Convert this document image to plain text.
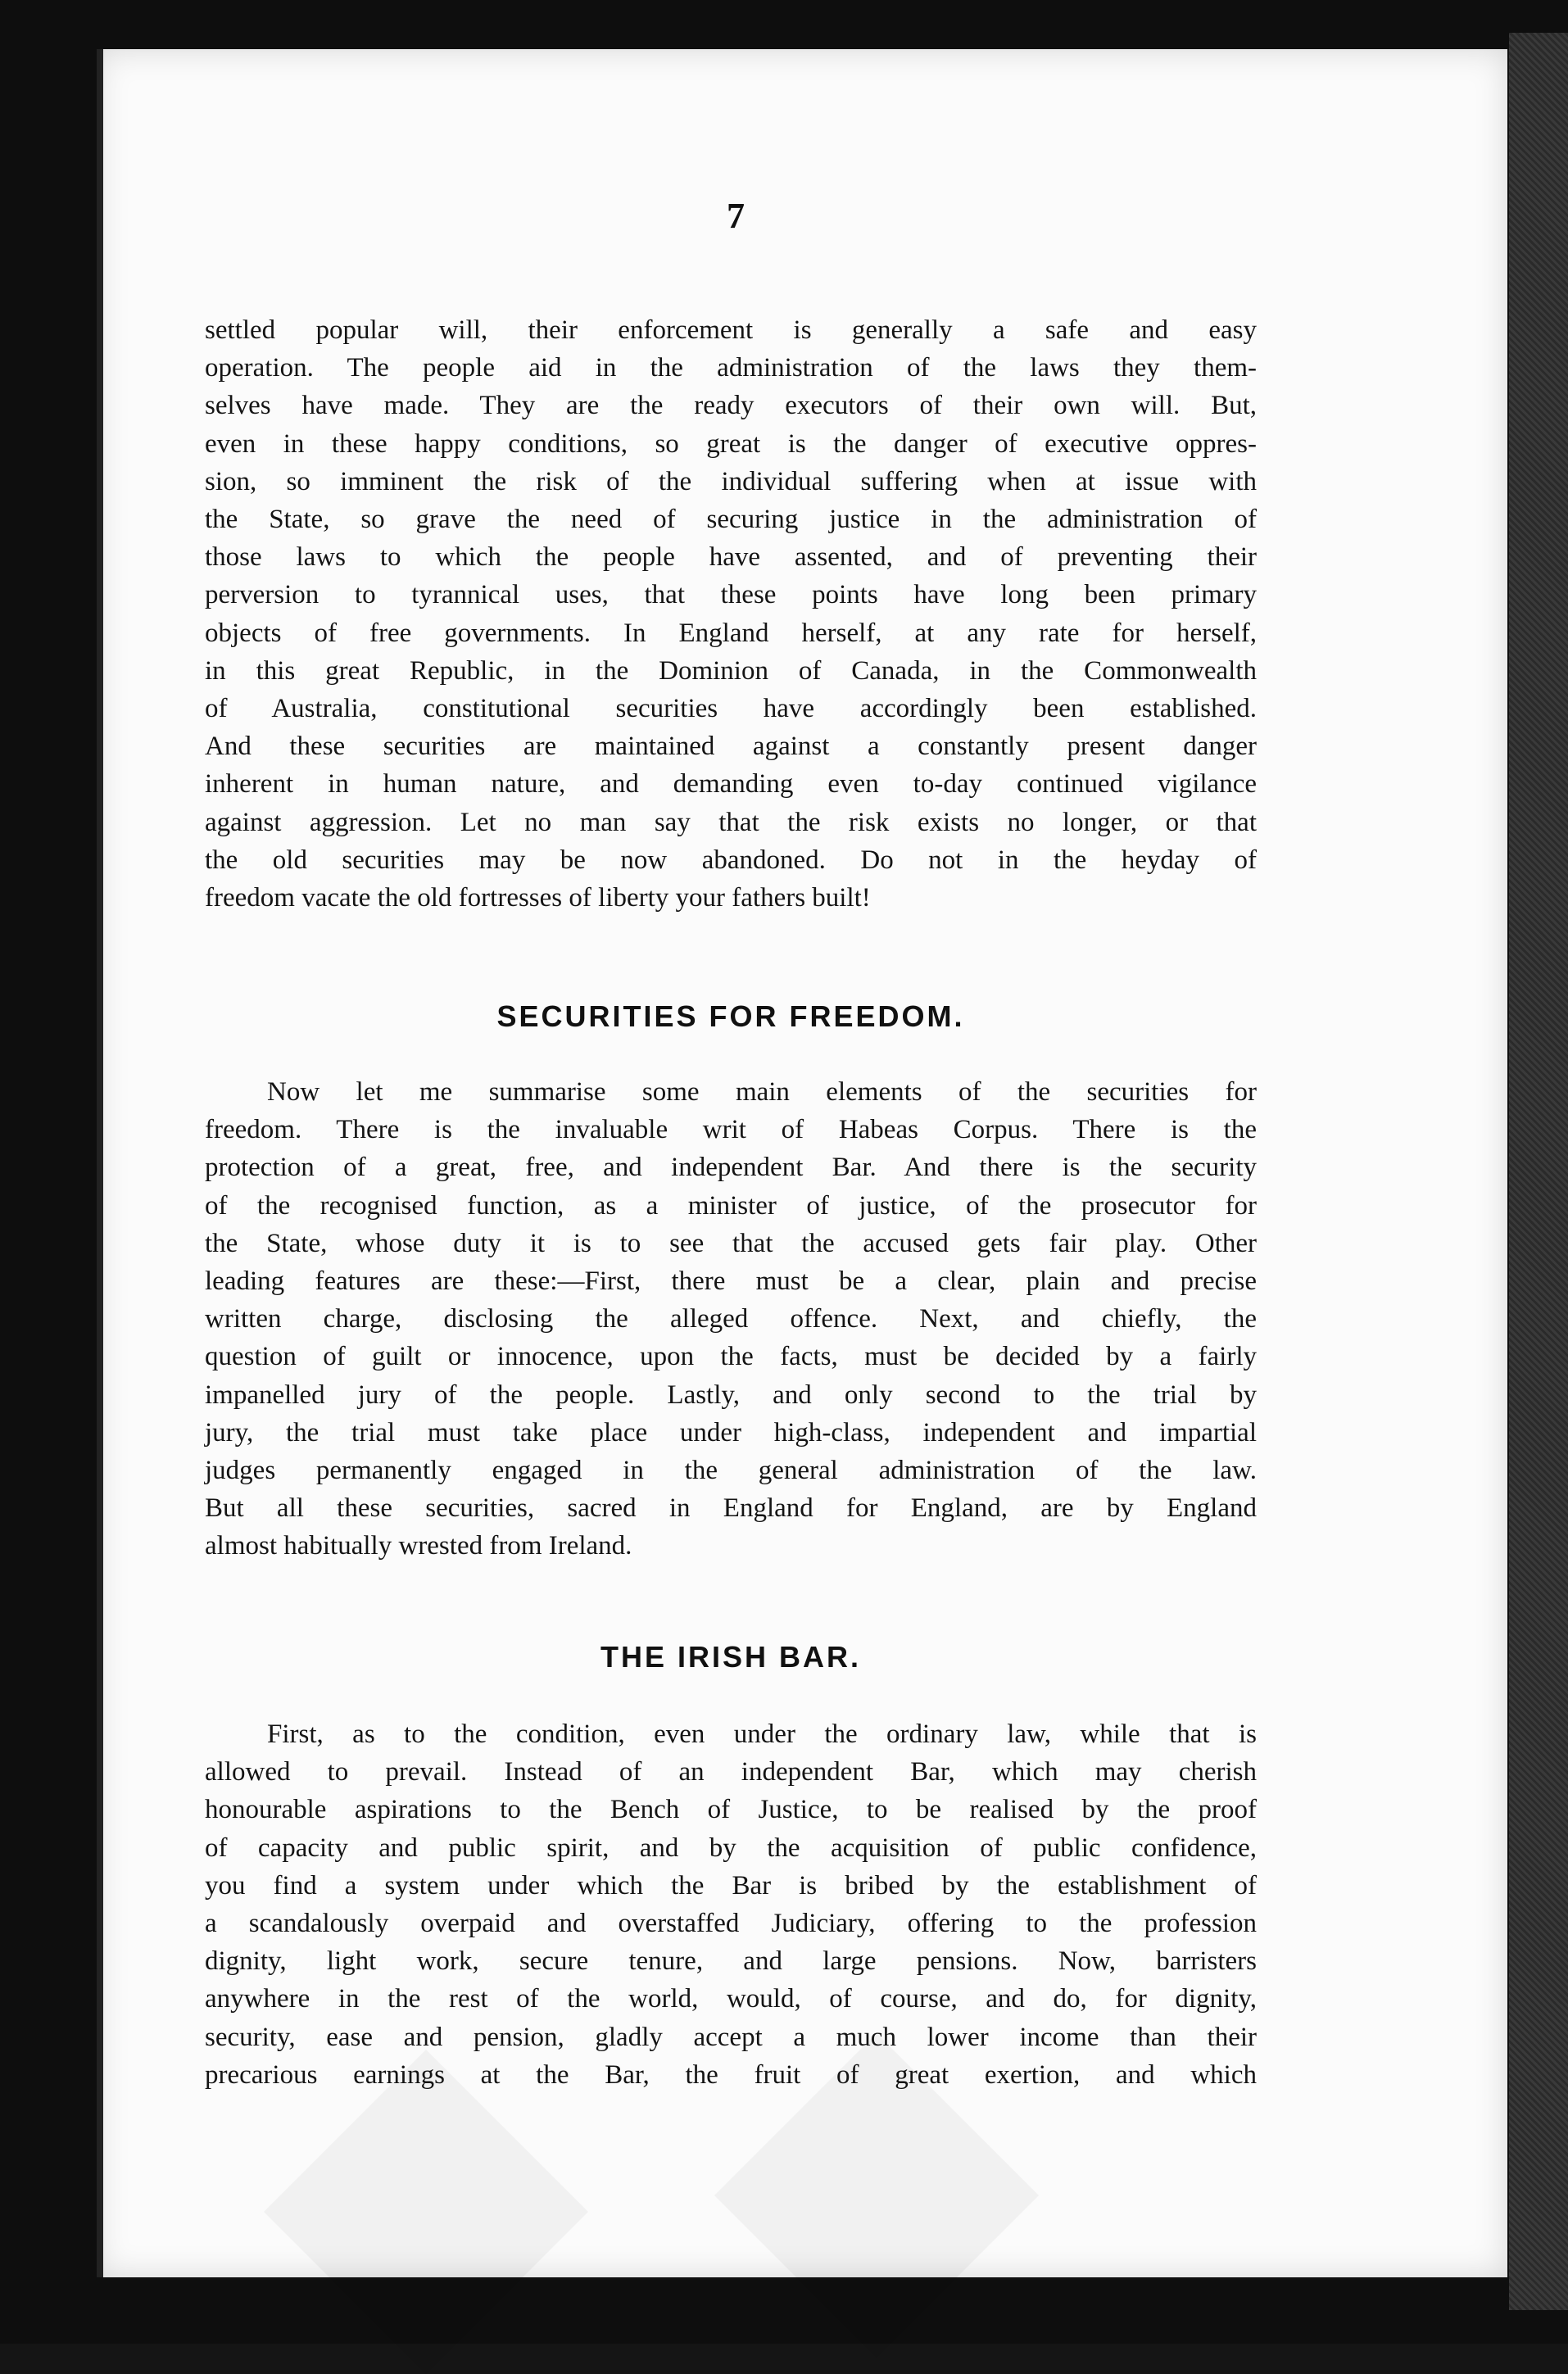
7
settled popular will, their enforcement is generally a safe and easy
operation. The people aid in the administration of the laws they them-
selves have made. They are the ready executors of their own will. But,
even in these happy conditions, so great is the danger of executive oppres-
sion, so imminent the risk of the individual suffering when at issue with
the State, so grave the need of securing justice in the administration of
those laws to which the people have assented, and of preventing their
perversion to tyrannical uses, that these points have long been primary
objects of free governments. In England herself, at any rate for herself,
in this great Republic, in the Dominion of Canada, in the Commonwealth
of Australia, constitutional securities have accordingly been established.
And these securities are maintained against a constantly present danger
inherent in human nature, and demanding even to-day continued vigilance
against aggression. Let no man say that the risk exists no longer, or that
the old securities may be now abandoned. Do not in the heyday of
freedom vacate the old fortresses of liberty your fathers built!
SECURITIES FOR FREEDOM.
Now let me summarise some main elements of the securities for
freedom. There is the invaluable writ of Habeas Corpus. There is the
protection of a great, free, and independent Bar. And there is the security
of the recognised function, as a minister of justice, of the prosecutor for
the State, whose duty it is to see that the accused gets fair play. Other
leading features are these:—First, there must be a clear, plain and precise
written charge, disclosing the alleged offence. Next, and chiefly, the
question of guilt or innocence, upon the facts, must be decided by a fairly
impanelled jury of the people. Lastly, and only second to the trial by
jury, the trial must take place under high-class, independent and impartial
judges permanently engaged in the general administration of the law.
But all these securities, sacred in England for England, are by England
almost habitually wrested from Ireland.
THE IRISH BAR.
First, as to the condition, even under the ordinary law, while that is
allowed to prevail. Instead of an independent Bar, which may cherish
honourable aspirations to the Bench of Justice, to be realised by the proof
of capacity and public spirit, and by the acquisition of public confidence,
you find a system under which the Bar is bribed by the establishment of
a scandalously overpaid and overstaffed Judiciary, offering to the profession
dignity, light work, secure tenure, and large pensions. Now, barristers
anywhere in the rest of the world, would, of course, and do, for dignity,
security, ease and pension, gladly accept a much lower income than their
precarious earnings at the Bar, the fruit of great exertion, and which
